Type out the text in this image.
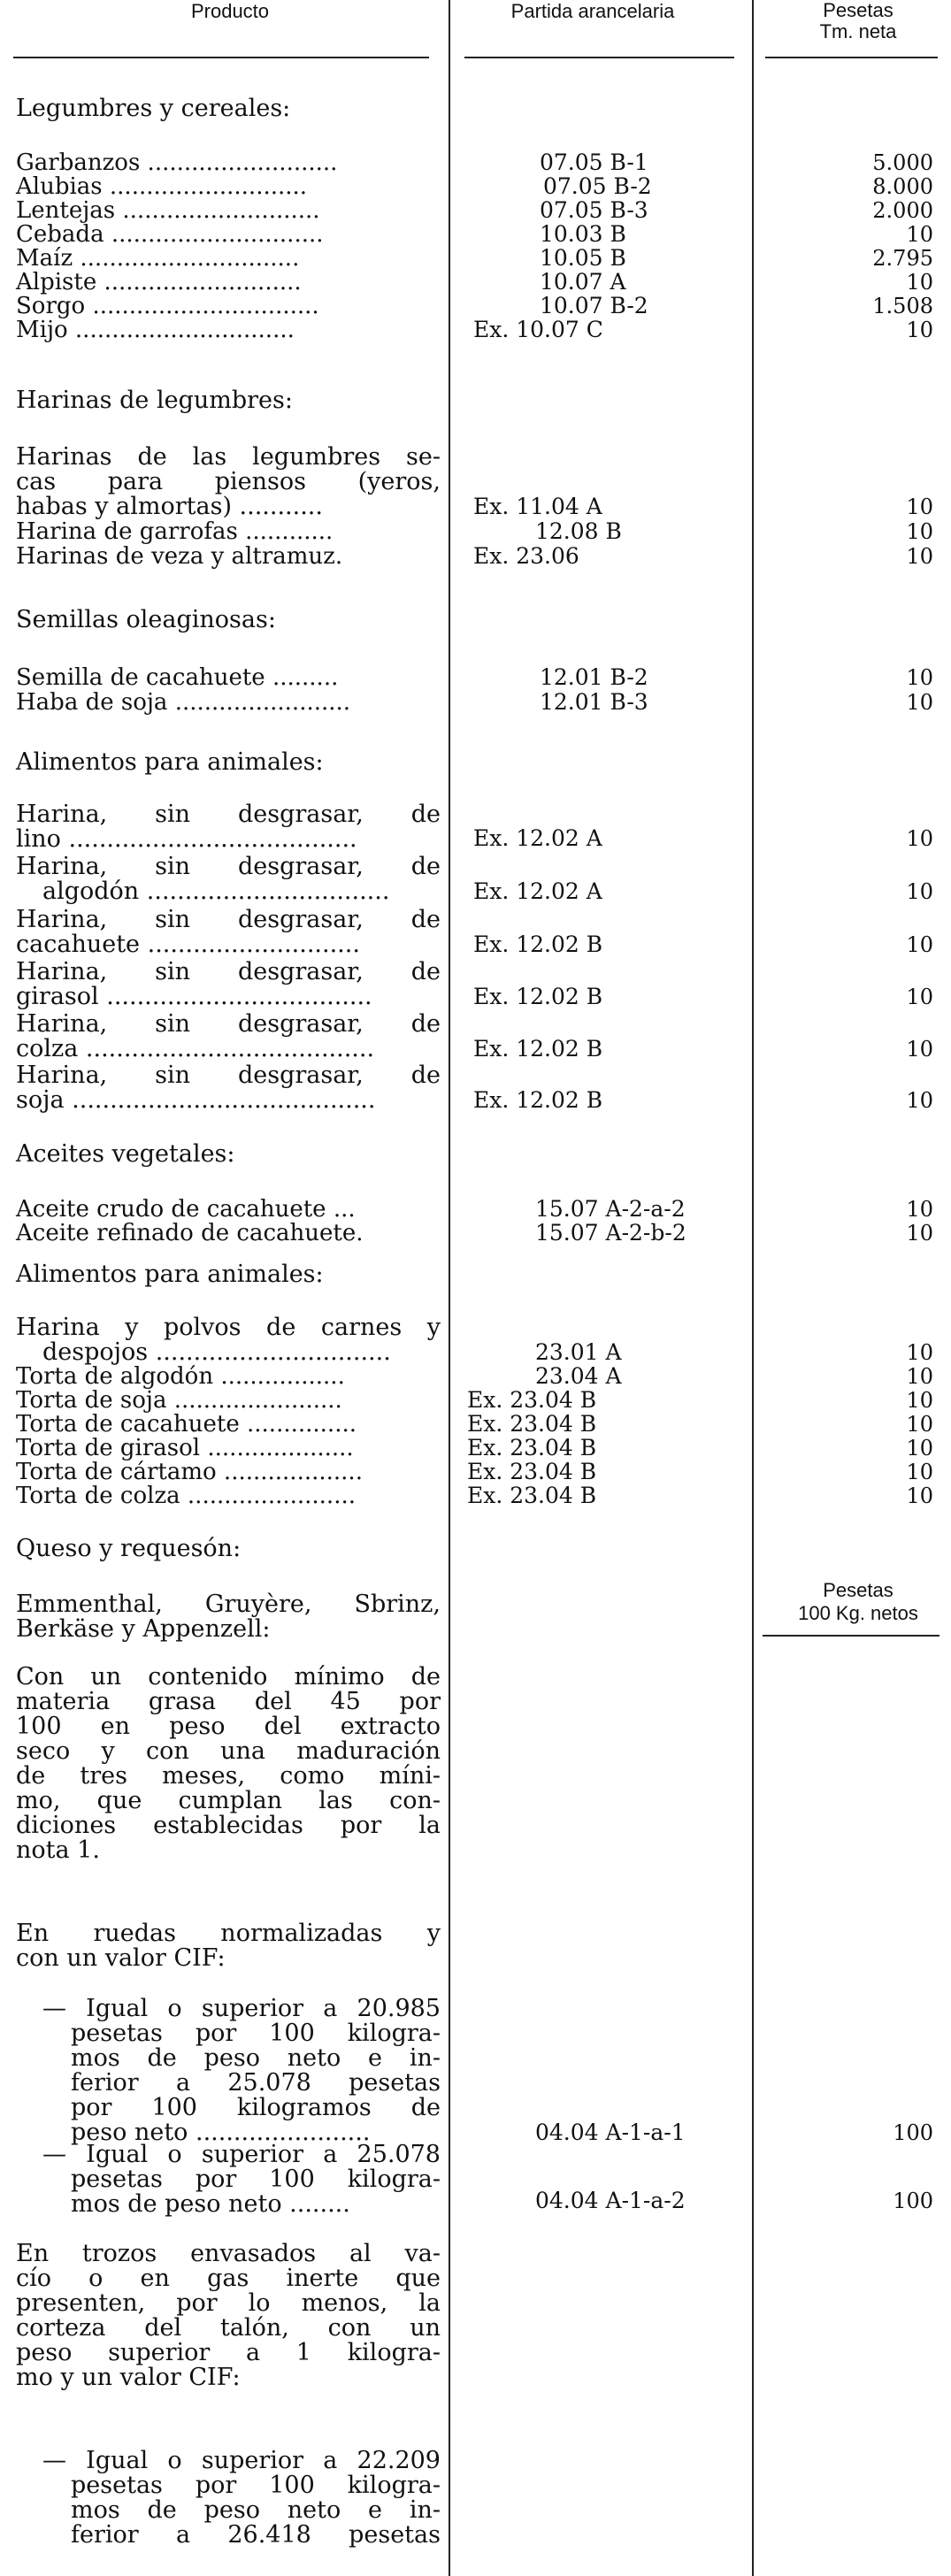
Producto	Partida arancelaria	Pesetas
Tm. neta
Legumbres y cereales:
Garbanzos ..........................	07.05 B-1	5.000
Alubias ...........................	07.05 B-2	8.000
Lentejas ...........................	07.05 B-3	2.000
Cebada .............................	10.03 B	10
Maíz ..............................	10.05 B	2.795
Alpiste ...........................	10.07 A	10
Sorgo ...............................	10.07 B-2	1.508
Mijo ..............................	Ex. 10.07 C	10
Harinas de legumbres:
Harinas de las legumbres se-
cas para piensos (yeros,
habas y almortas) ...........	Ex. 11.04 A	10
Harina de garrofas ............	12.08 B	10
Harinas de veza y altramuz.	Ex. 23.06	10
Semillas oleaginosas:
Semilla de cacahuete .........	12.01 B-2	10
Haba de soja ........................	12.01 B-3	10
Alimentos para animales:
Harina, sin desgrasar, de
lino ......................................	Ex. 12.02 A	10
Harina, sin desgrasar, de
algodón ................................	Ex. 12.02 A	10
Harina, sin desgrasar, de
cacahuete ............................	Ex. 12.02 B	10
Harina, sin desgrasar, de
girasol ...................................	Ex. 12.02 B	10
Harina, sin desgrasar, de
colza ......................................	Ex. 12.02 B	10
Harina, sin desgrasar, de
soja ........................................	Ex. 12.02 B	10
Aceites vegetales:
Aceite crudo de cacahuete ...	15.07 A-2-a-2	10
Aceite refinado de cacahuete.	15.07 A-2-b-2	10
Alimentos para animales:
Harina y polvos de carnes y
despojos ...............................	23.01 A	10
Torta de algodón .................	23.04 A	10
Torta de soja .......................	Ex. 23.04 B	10
Torta de cacahuete ...............	Ex. 23.04 B	10
Torta de girasol ....................	Ex. 23.04 B	10
Torta de cártamo ...................	Ex. 23.04 B	10
Torta de colza .......................	Ex. 23.04 B	10
Queso y requesón:
Pesetas
100 Kg. netos
Emmenthal, Gruyère, Sbrinz,
Berkäse y Appenzell:
Con un contenido mínimo de
materia grasa del 45 por
100 en peso del extracto
seco y con una maduración
de tres meses, como míni-
mo, que cumplan las con-
diciones establecidas por la
nota 1.
En ruedas normalizadas y
con un valor CIF:
— Igual o superior a 20.985
pesetas por 100 kilogra-
mos de peso neto e in-
ferior a 25.078 pesetas
por 100 kilogramos de
peso neto .......................	04.04 A-1-a-1	100
— Igual o superior a 25.078
pesetas por 100 kilogra-
mos de peso neto ........	04.04 A-1-a-2	100
En trozos envasados al va-
cío o en gas inerte que
presenten, por lo menos, la
corteza del talón, con un
peso superior a 1 kilogra-
mo y un valor CIF:
— Igual o superior a 22.209
pesetas por 100 kilogra-
mos de peso neto e in-
ferior a 26.418 pesetas
